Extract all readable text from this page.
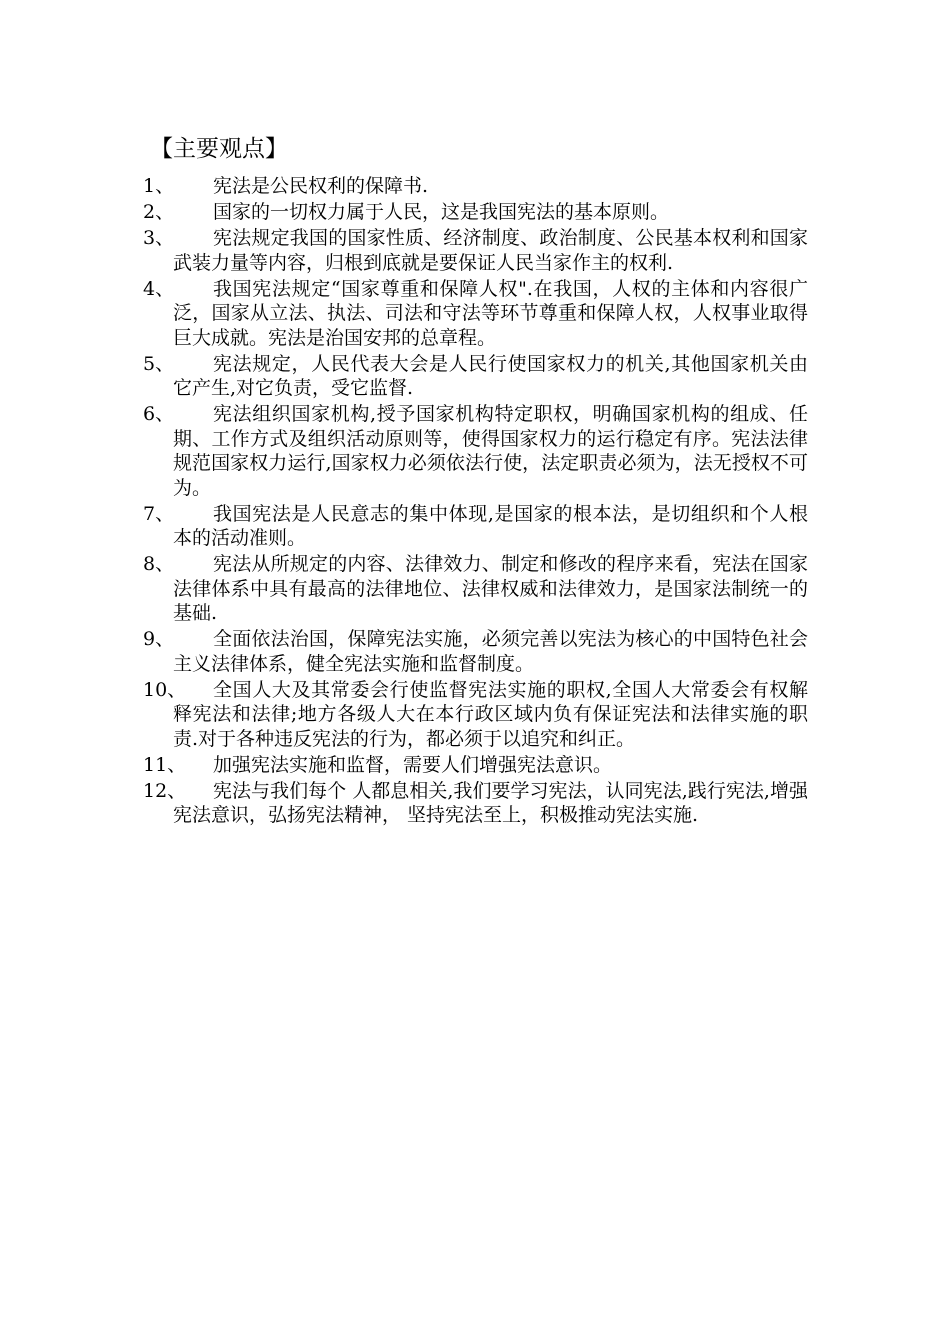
【主要观点】
1、	宪法是公民权利的保障书.
2、	国家的一切权力属于人民，这是我国宪法的基本原则。
3、	宪法规定我国的国家性质、经济制度、政治制度、公民基本权利和国家武装力量等内容，归根到底就是要保证人民当家作主的权利.
4、	我国宪法规定“国家尊重和保障人权".在我国，人权的主体和内容很广泛，国家从立法、执法、司法和守法等环节尊重和保障人权，人权事业取得巨大成就。宪法是治国安邦的总章程。
5、	宪法规定，人民代表大会是人民行使国家权力的机关,其他国家机关由它产生,对它负责，受它监督.
6、	宪法组织国家机构,授予国家机构特定职权，明确国家机构的组成、任期、工作方式及组织活动原则等，使得国家权力的运行稳定有序。宪法法律规范国家权力运行,国家权力必须依法行使，法定职责必须为，法无授权不可为。
7、	我国宪法是人民意志的集中体现,是国家的根本法，是切组织和个人根本的活动准则。
8、	宪法从所规定的内容、法律效力、制定和修改的程序来看，宪法在国家法律体系中具有最高的法律地位、法律权威和法律效力，是国家法制统一的基础.
9、	全面依法治国，保障宪法实施，必须完善以宪法为核心的中国特色社会主义法律体系，健全宪法实施和监督制度。
10、	全国人大及其常委会行使监督宪法实施的职权,全国人大常委会有权解释宪法和法律;地方各级人大在本行政区域内负有保证宪法和法律实施的职责.对于各种违反宪法的行为，都必须于以追究和纠正。
11、	加强宪法实施和监督，需要人们增强宪法意识。
12、	宪法与我们每个 人都息相关,我们要学习宪法，认同宪法,践行宪法,增强宪法意识，弘扬宪法精神， 坚持宪法至上，积极推动宪法实施.
